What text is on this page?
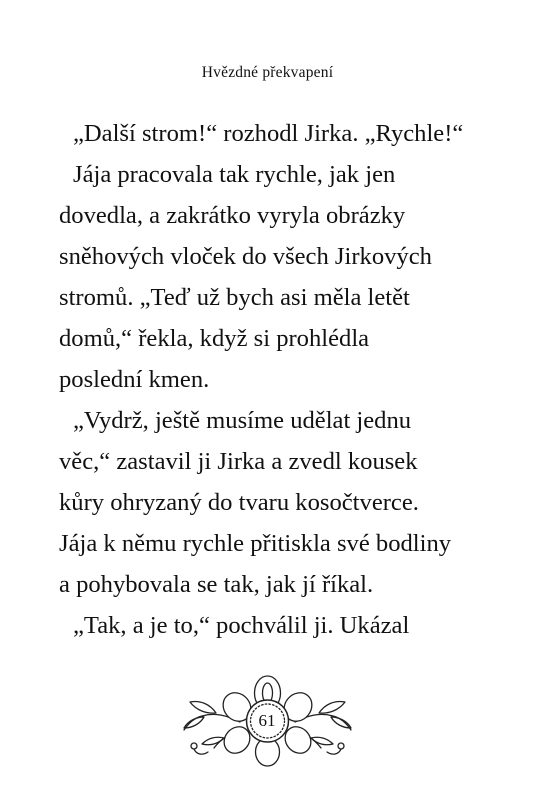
Hvězdné překvapení
„Další strom!“ rozhodl Jirka. „Rychle!“
Jája pracovala tak rychle, jak jen
dovedla, a zakrátko vyryla obrázky
sněhových vloček do všech Jirkových
stromů. „Teď už bych asi měla letět
domů,“ řekla, když si prohlédla
poslední kmen.
„Vydrž, ještě musíme udělat jednu
věc,“ zastavil ji Jirka a zvedl kousek
kůry ohryzaný do tvaru kosočtverce.
Jája k němu rychle přitiskla své bodliny
a pohybovala se tak, jak jí říkal.
„Tak, a je to,“ pochválil ji. Ukázal
61
